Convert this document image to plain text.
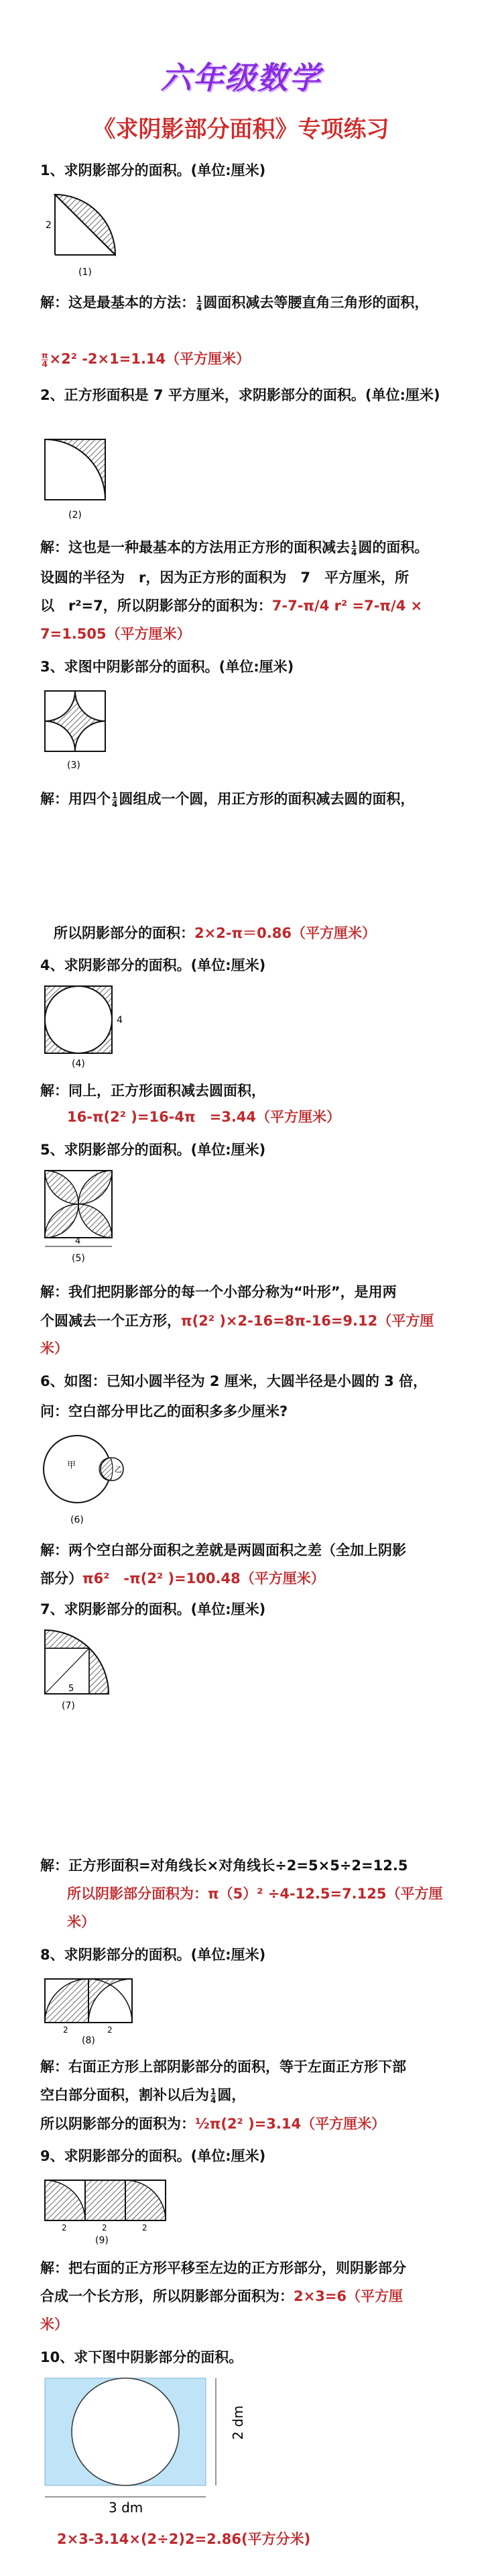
六年级数学
《求阴影部分面积》专项练习
1、求阴影部分的面积。(单位:厘米)
2
(1)
解：这是最基本的方法： $\frac{1}{4}$ 圆面积减去等腰直角三角形的面积，
$\frac{\pi}{4} \times 2^2$ -2×1=1.14（平方厘米）
2、正方形面积是 7 平方厘米，求阴影部分的面积。(单位:厘米)
(2)
解：这也是一种最基本的方法用正方形的面积减去 $\frac{1}{4}$ 圆的面积。
设圆的半径为　r，因为正方形的面积为　7　平方厘米，所
以　r²=7，所以阴影部分的面积为：7-7-π/4 r² =7-π/4 ×
7=1.505（平方厘米）
3、求图中阴影部分的面积。(单位:厘米)
(3)
解：用四个 $\frac{1}{4}$ 圆组成一个圆，用正方形的面积减去圆的面积，
所以阴影部分的面积：2×2-π＝0.86（平方厘米）
4、求阴影部分的面积。(单位:厘米)
4
(4)
解：同上，正方形面积减去圆面积，
16-π(2² )=16-4π　=3.44（平方厘米）
5、求阴影部分的面积。(单位:厘米)
4
(5)
解：我们把阴影部分的每一个小部分称为“叶形”，是用两
个圆减去一个正方形，π(2² )×2-16=8π-16=9.12（平方厘
米）
6、如图：已知小圆半径为 2 厘米，大圆半径是小圆的 3 倍，
问：空白部分甲比乙的面积多多少厘米?
甲	乙
(6)
解：两个空白部分面积之差就是两圆面积之差（全加上阴影
部分）π6²　-π(2² )=100.48（平方厘米）
7、求阴影部分的面积。(单位:厘米)
5
(7)
解：正方形面积=对角线长×对角线长÷2=5×5÷2=12.5
所以阴影部分面积为：π（5）² ÷4-12.5=7.125（平方厘
米）
8、求阴影部分的面积。(单位:厘米)
2	2
(8)
解：右面正方形上部阴影部分的面积，等于左面正方形下部
空白部分面积，割补以后为 $\frac{1}{4}$ 圆，
所以阴影部分的面积为：½π(2² )=3.14（平方厘米）
9、求阴影部分的面积。(单位:厘米)
2	2	2
(9)
解：把右面的正方形平移至左边的正方形部分，则阴影部分
合成一个长方形，所以阴影部分面积为：2×3=6（平方厘
米）
10、求下图中阴影部分的面积。
3 dm
2 dm
2×3-3.14×(2÷2)2=2.86(平方分米)
